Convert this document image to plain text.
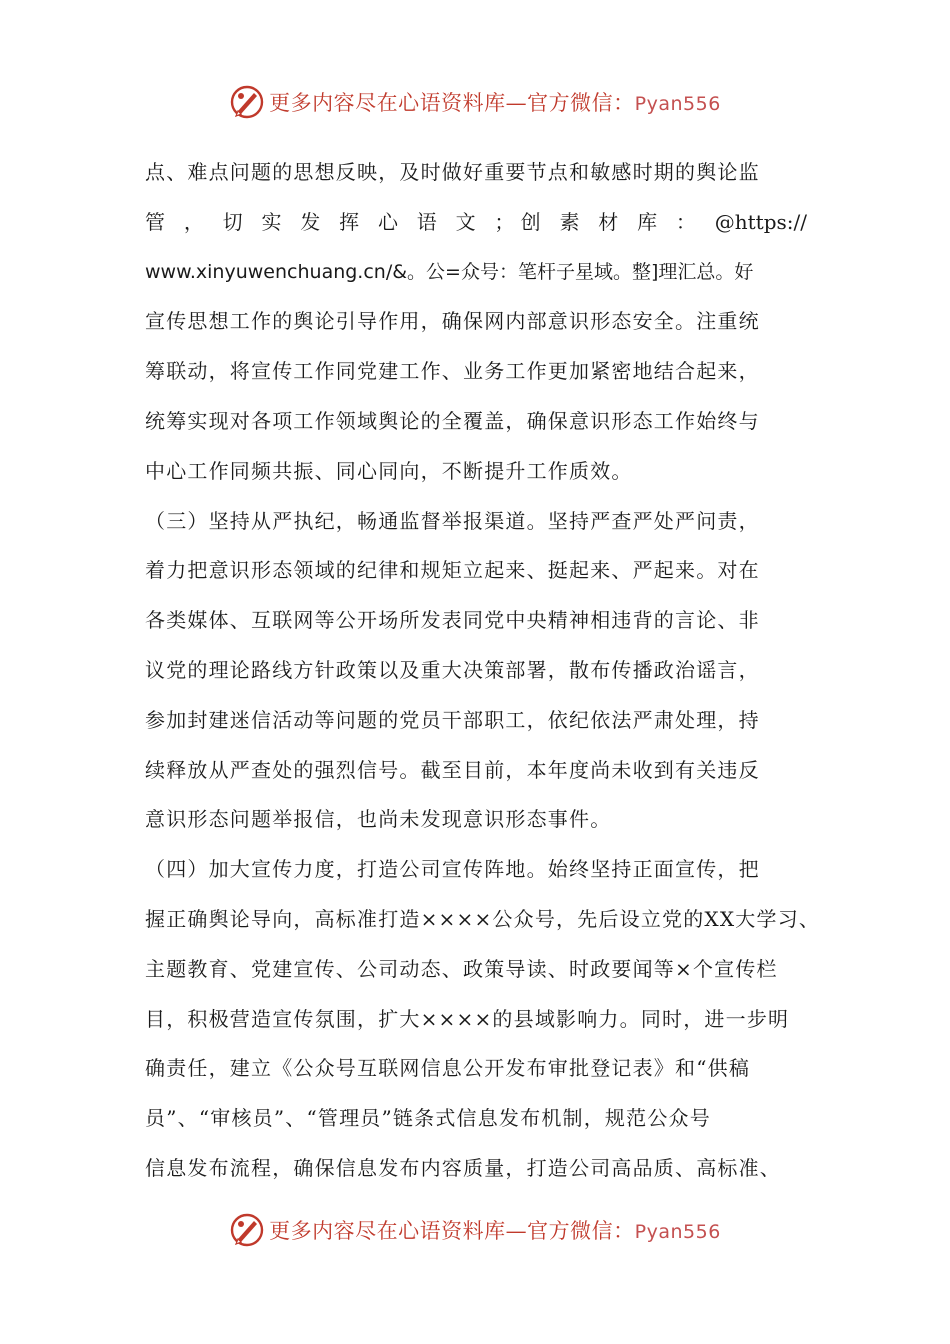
更多内容尽在心语资料库—官方微信：Pyan556
点、难点问题的思想反映，及时做好重要节点和敏感时期的舆论监
管 ， 切 实 发 挥 心 语 文 ；创 素 材 库 ： @https://
www.xinyuwenchuang.cn/&。公=众号：笔杆子星域。整]理汇总。好
宣传思想工作的舆论引导作用，确保网内部意识形态安全。注重统
筹联动，将宣传工作同党建工作、业务工作更加紧密地结合起来，
统筹实现对各项工作领域舆论的全覆盖，确保意识形态工作始终与
中心工作同频共振、同心同向，不断提升工作质效。
（三）坚持从严执纪，畅通监督举报渠道。坚持严查严处严问责，
着力把意识形态领域的纪律和规矩立起来、挺起来、严起来。对在
各类媒体、互联网等公开场所发表同党中央精神相违背的言论、非
议党的理论路线方针政策以及重大决策部署，散布传播政治谣言，
参加封建迷信活动等问题的党员干部职工，依纪依法严肃处理，持
续释放从严查处的强烈信号。截至目前，本年度尚未收到有关违反
意识形态问题举报信，也尚未发现意识形态事件。
（四）加大宣传力度，打造公司宣传阵地。始终坚持正面宣传，把
握正确舆论导向，高标准打造××××公众号，先后设立党的XX大学习、
主题教育、党建宣传、公司动态、政策导读、时政要闻等×个宣传栏
目，积极营造宣传氛围，扩大××××的县域影响力。同时，进一步明
确责任，建立《公众号互联网信息公开发布审批登记表》和“供稿
员”、“审核员”、“管理员”链条式信息发布机制，规范公众号
信息发布流程，确保信息发布内容质量，打造公司高品质、高标准、
更多内容尽在心语资料库—官方微信：Pyan556
